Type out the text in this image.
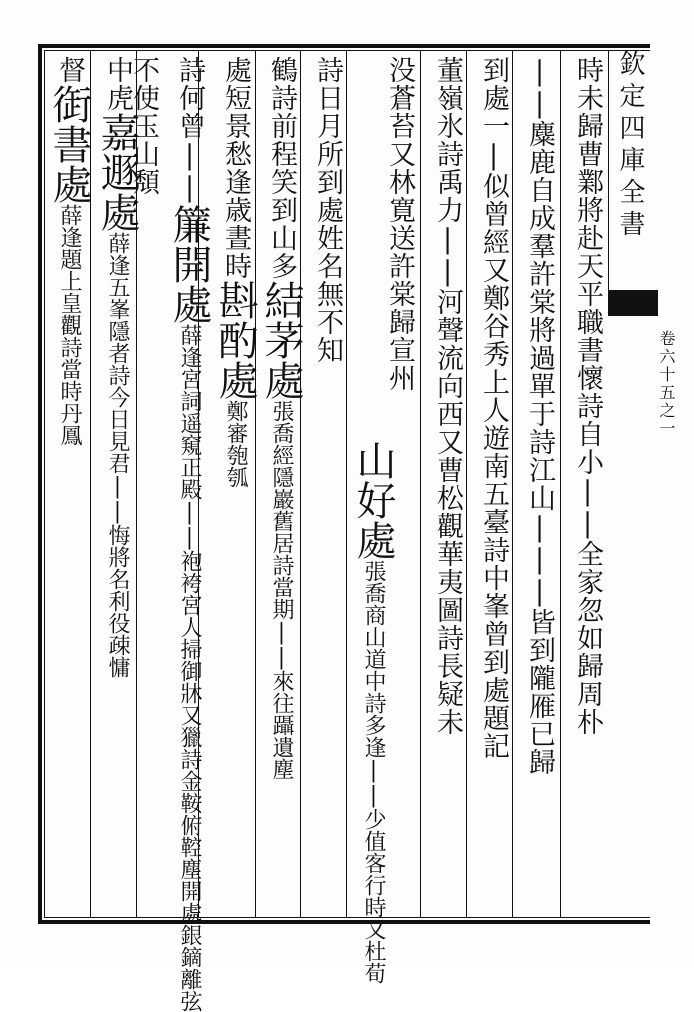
欽定四庫全書
卷六十五之一
時未歸曹鄴將赴天平職書懷詩自小||全家忽如歸周朴
||麋鹿自成羣許棠將過單于詩江山|||皆到隴雁已歸
到處一|似曾經又鄭谷秀上人遊南五臺詩中峯曾到處題記
董嶺氷詩禹力||河聲流向西又曹松觀華夷圖詩長疑未
没蒼苔又林寛送許棠歸宣州
山好處張喬商山道中詩多逢||少值客行時又杜荀
詩日月所到處姓名無不知
鶴詩前程笑到山多結茅處張喬經隱巖舊居詩當期||來往躡遺塵
處短景愁逢歳晝時斟酌處鄭審匏瓠
詩何曾||簾開處薛逢宮詞遥窺正殿||袍袴宮人掃御牀又獵詩金鞍俯鞚塵開處銀鏑離弦
不使玉山頽
中虎嘉遯處薛逢五峯隱者詩今日見君||悔將名利役疎慵
督衘書處薛逢題上皇觀詩當時丹鳳
